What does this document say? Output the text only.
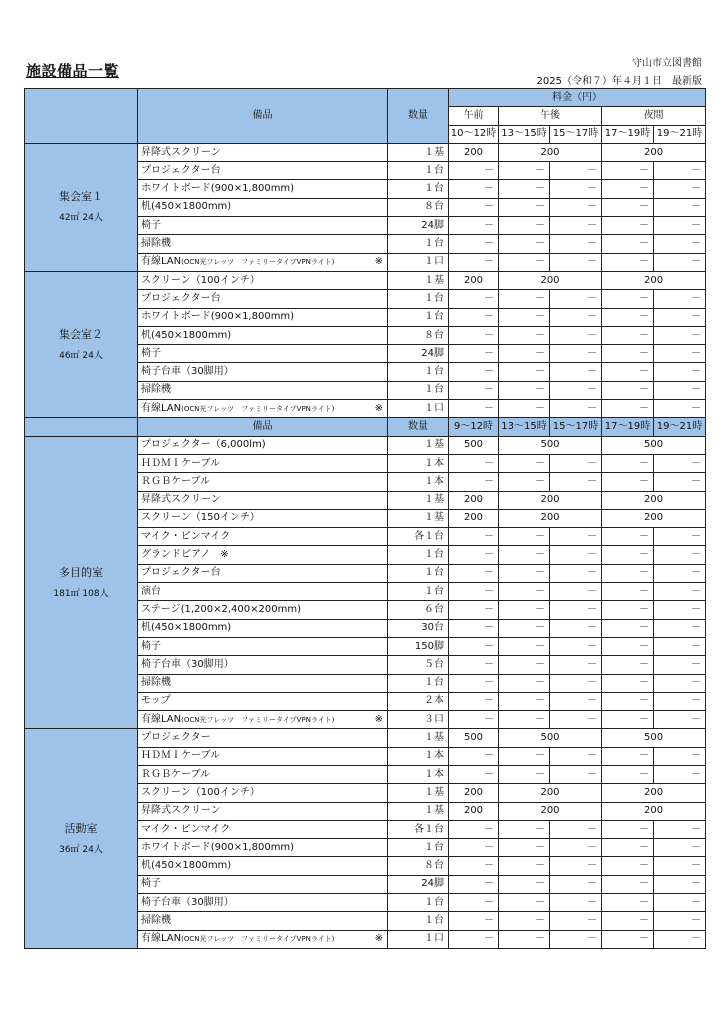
施設備品一覧	守山市立図書館
2025（令和７）年４月１日　最新版
	備品	数量	料金（円）				
			午前	午後		夜間	
			10～12時	13～15時	15～17時	17～19時	19～21時

集会室１
42㎡ 24人	昇降式スクリーン	１基	200	200		200	
	プロジェクター台	１台	－	－	－	－	－
	ホワイトボード(900×1,800mm)	１台	－	－	－	－	－
	机(450×1800mm)	８台	－	－	－	－	－
	椅子	24脚	－	－	－	－	－
	掃除機	１台	－	－	－	－	－
	有線LAN(OCN光フレッツ　ファミリータイプVPNライト) ※	１口	－	－	－	－	－

集会室２
46㎡ 24人	スクリーン（100インチ）	１基	200	200		200	
	プロジェクター台	１台	－	－	－	－	－
	ホワイトボード(900×1,800mm)	１台	－	－	－	－	－
	机(450×1800mm)	８台	－	－	－	－	－
	椅子	24脚	－	－	－	－	－
	椅子台車（30脚用）	１台	－	－	－	－	－
	掃除機	１台	－	－	－	－	－
	有線LAN(OCN光フレッツ　ファミリータイプVPNライト) ※	１口	－	－	－	－	－
	備品	数量	9～12時	13～15時	15～17時	17～19時	19～21時

多目的室
181㎡ 108人	プロジェクター（6,000lm)	１基	500	500		500	
	ＨＤＭＩケーブル	１本	－	－	－	－	－
	ＲＧＢケーブル	１本	－	－	－	－	－
	昇降式スクリーン	１基	200	200		200	
	スクリーン（150インチ）	１基	200	200		200	
	マイク・ピンマイク	各１台	－	－	－	－	－
	グランドピアノ　※	１台	－	－	－	－	－
	プロジェクター台	１台	－	－	－	－	－
	演台	１台	－	－	－	－	－
	ステージ(1,200×2,400×200mm)	６台	－	－	－	－	－
	机(450×1800mm)	30台	－	－	－	－	－
	椅子	150脚	－	－	－	－	－
	椅子台車（30脚用）	５台	－	－	－	－	－
	掃除機	１台	－	－	－	－	－
	モップ	２本	－	－	－	－	－
	有線LAN(OCN光フレッツ　ファミリータイプVPNライト) ※	３口	－	－	－	－	－

活動室
36㎡ 24人	プロジェクター	１基	500	500		500	
	ＨＤＭＩケーブル	１本	－	－	－	－	－
	ＲＧＢケーブル	１本	－	－	－	－	－
	スクリーン（100インチ）	１基	200	200		200	
	昇降式スクリーン	１基	200	200		200	
	マイク・ピンマイク	各１台	－	－	－	－	－
	ホワイトボード(900×1,800mm)	１台	－	－	－	－	－
	机(450×1800mm)	８台	－	－	－	－	－
	椅子	24脚	－	－	－	－	－
	椅子台車（30脚用）	１台	－	－	－	－	－
	掃除機	１台	－	－	－	－	－
	有線LAN(OCN光フレッツ　ファミリータイプVPNライト) ※	１口	－	－	－	－	－
